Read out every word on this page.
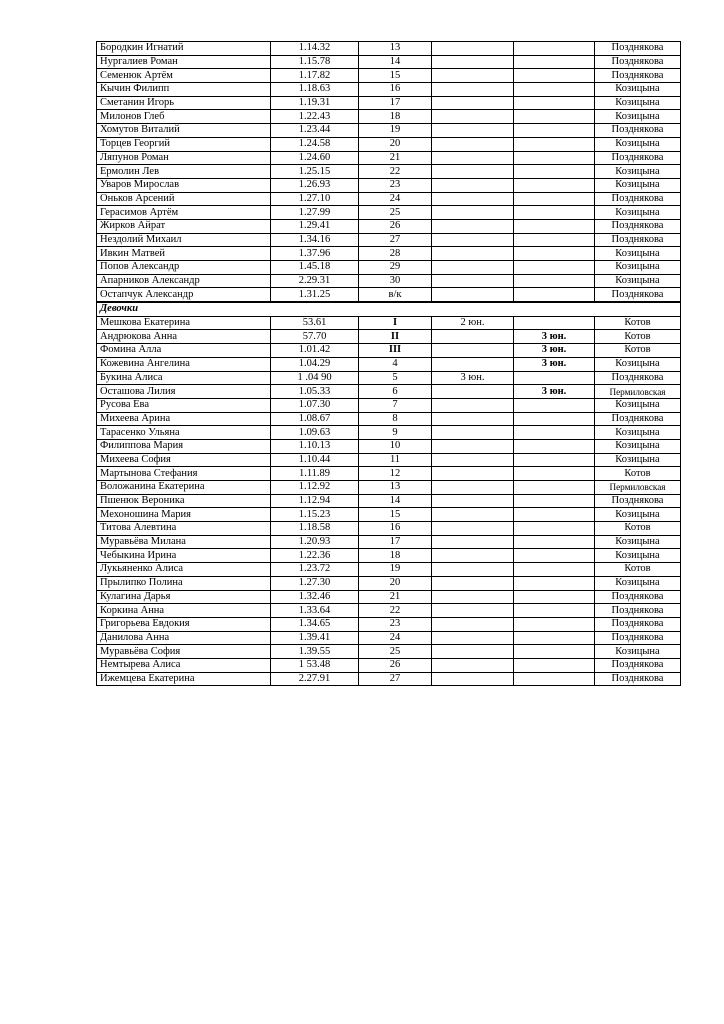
Бородкин Игнатий	1.14.32	13			Позднякова
Нургалиев Роман	1.15.78	14			Позднякова
Семенюк Артём	1.17.82	15			Позднякова
Кычин Филипп	1.18.63	16			Козицына
Сметанин Игорь	1.19.31	17			Козицына
Милонов Глеб	1.22.43	18			Козицына
Хомутов Виталий	1.23.44	19			Позднякова
Торцев Георгий	1.24.58	20			Козицына
Ляпунов Роман	1.24.60	21			Позднякова
Ермолин Лев	1.25.15	22			Козицына
Уваров Мирослав	1.26.93	23			Козицына
Оньков Арсений	1.27.10	24			Позднякова
Герасимов Артём	1.27.99	25			Козицына
Жирков Айрат	1.29.41	26			Позднякова
Нездолий Михаил	1.34.16	27			Позднякова
Ивкин Матвей	1.37.96	28			Козицына
Попов Александр	1.45.18	29			Козицына
Апарников Александр	2.29.31	30			Козицына
Остапчук Александр	1.31.25	в/к			Позднякова
Девочки					
Мешкова Екатерина	53.61	I	2 юн.		Котов
Андрюкова Анна	57.70	II		3 юн.	Котов
Фомина Алла	1.01.42	III		3 юн.	Котов
Кожевина Ангелина	1.04.29	4		3 юн.	Козицына
Букина Алиса	1 .04 90	5	3 юн.		Позднякова
Осташова Лилия	1.05.33	6		3 юн.	Пермиловская
Русова Ева	1.07.30	7			Козицына
Михеева Арина	1.08.67	8			Позднякова
Тарасенко Ульяна	1.09.63	9			Козицына
Филиппова Мария	1.10.13	10			Козицына
Михеева София	1.10.44	11			Козицына
Мартынова Стефания	1.11.89	12			Котов
Воложанина Екатерина	1.12.92	13			Пермиловская
Пшенюк Вероника	1.12.94	14			Позднякова
Мехоношина Мария	1.15.23	15			Козицына
Титова Алевтина	1.18.58	16			Котов
Муравьёва Милана	1.20.93	17			Козицына
Чебыкина Ирина	1.22.36	18			Козицына
Лукьяненко Алиса	1.23.72	19			Котов
Прылипко Полина	1.27.30	20			Козицына
Кулагина Дарья	1.32.46	21			Позднякова
Коркина Анна	1.33.64	22			Позднякова
Григорьева Евдокия	1.34.65	23			Позднякова
Данилова Анна	1.39.41	24			Позднякова
Муравьёва София	1.39.55	25			Козицына
Немтырева Алиса	1 53.48	26			Позднякова
Ижемцева Екатерина	2.27.91	27			Позднякова
